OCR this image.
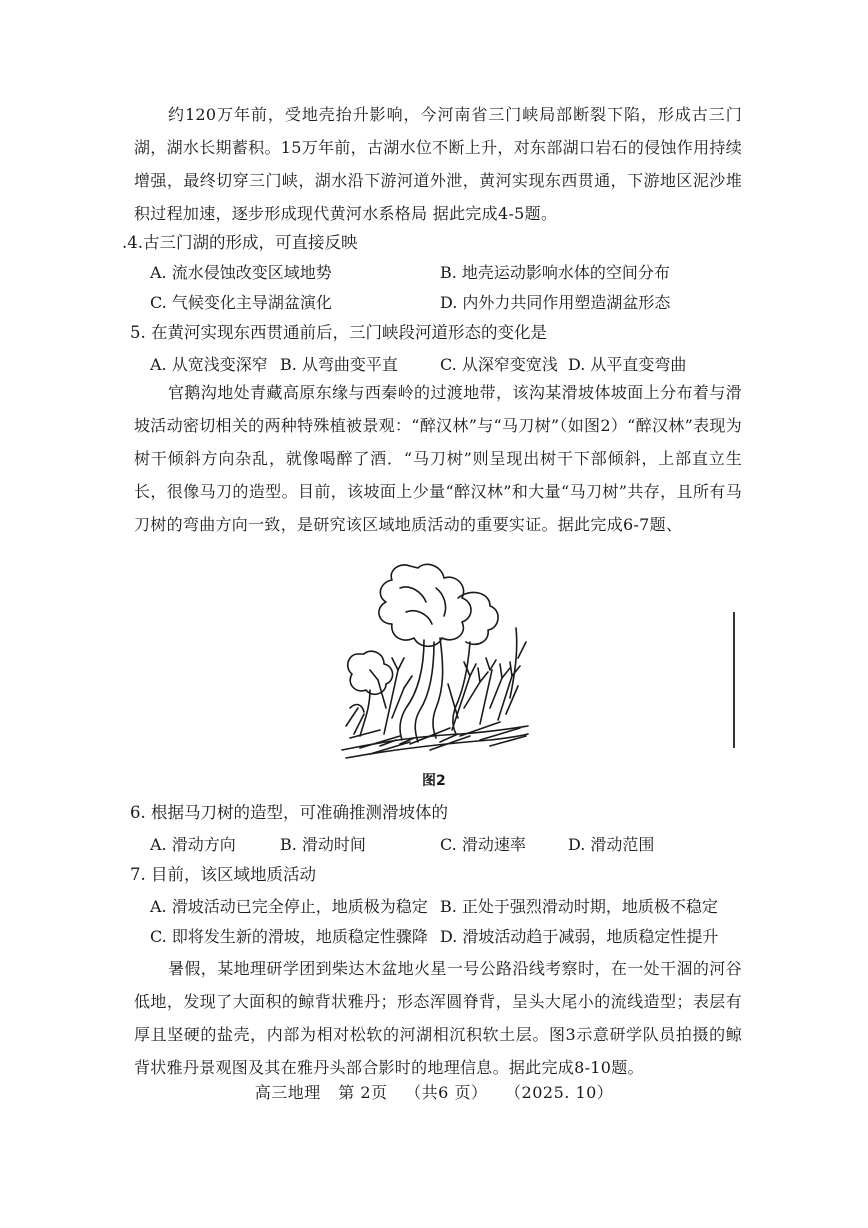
约120万年前，受地壳抬升影响，今河南省三门峡局部断裂下陷，形成古三门湖，湖水长期蓄积。15万年前，古湖水位不断上升，对东部湖口岩石的侵蚀作用持续增强，最终切穿三门峡，湖水沿下游河道外泄，黄河实现东西贯通，下游地区泥沙堆积过程加速，逐步形成现代黄河水系格局 据此完成4-5题。
.4.古三门湖的形成，可直接反映
A. 流水侵蚀改变区域地势	B. 地壳运动影响水体的空间分布
C. 气候变化主导湖盆演化	D. 内外力共同作用塑造湖盆形态
5. 在黄河实现东西贯通前后，三门峡段河道形态的变化是
A. 从宽浅变深窄 B. 从弯曲变平直	C. 从深窄变宽浅 D. 从平直变弯曲
官鹅沟地处青藏高原东缘与西秦岭的过渡地带，该沟某滑坡体坡面上分布着与滑坡活动密切相关的两种特殊植被景观：“醉汉林”与“马刀树”（如图2）“醉汉林”表现为树干倾斜方向杂乱，就像喝醉了酒．“马刀树”则呈现出树干下部倾斜，上部直立生长，很像马刀的造型。目前，该坡面上少量“醉汉林”和大量“马刀树”共存，且所有马刀树的弯曲方向一致，是研究该区域地质活动的重要实证。据此完成6-7题、
图2
6. 根据马刀树的造型，可准确推测滑坡体的
A. 滑动方向	B. 滑动时间	C. 滑动速率	D. 滑动范围
7. 目前，该区域地质活动
A. 滑坡活动已完全停止，地质极为稳定 B. 正处于强烈滑动时期，地质极不稳定
C. 即将发生新的滑坡，地质稳定性骤降 D. 滑坡活动趋于减弱，地质稳定性提升
暑假，某地理研学团到柴达木盆地火星一号公路沿线考察时，在一处干涸的河谷低地，发现了大面积的鲸背状雅丹；形态浑圆脊背，呈头大尾小的流线造型；表层有厚且坚硬的盐壳，内部为相对松软的河湖相沉积软土层。图3示意研学队员拍摄的鲸背状雅丹景观图及其在雅丹头部合影时的地理信息。据此完成8-10题。
高三地理 第 2页 （共6 页） （2025. 10）
